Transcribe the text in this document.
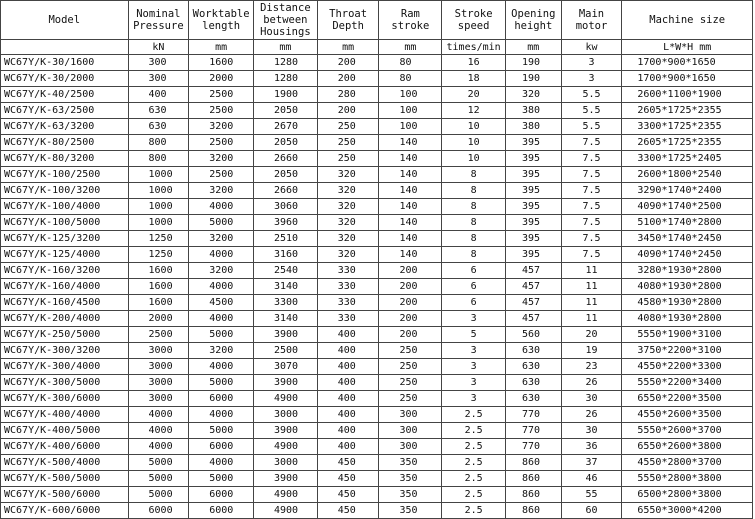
Model	Nominal Pressure	Worktable length	Distance between Housings	Throat Depth	Ram stroke	Stroke speed	Opening height	Main motor	Machine size
	kN	mm	mm	mm	mm	times/min	mm	kw	L*W*H mm
WC67Y/K-30/1600	300	1600	1280	200	80	16	190	3	1700*900*1650
WC67Y/K-30/2000	300	2000	1280	200	80	18	190	3	1700*900*1650
WC67Y/K-40/2500	400	2500	1900	280	100	20	320	5.5	2600*1100*1900
WC67Y/K-63/2500	630	2500	2050	200	100	12	380	5.5	2605*1725*2355
WC67Y/K-63/3200	630	3200	2670	250	100	10	380	5.5	3300*1725*2355
WC67Y/K-80/2500	800	2500	2050	250	140	10	395	7.5	2605*1725*2355
WC67Y/K-80/3200	800	3200	2660	250	140	10	395	7.5	3300*1725*2405
WC67Y/K-100/2500	1000	2500	2050	320	140	8	395	7.5	2600*1800*2540
WC67Y/K-100/3200	1000	3200	2660	320	140	8	395	7.5	3290*1740*2400
WC67Y/K-100/4000	1000	4000	3060	320	140	8	395	7.5	4090*1740*2500
WC67Y/K-100/5000	1000	5000	3960	320	140	8	395	7.5	5100*1740*2800
WC67Y/K-125/3200	1250	3200	2510	320	140	8	395	7.5	3450*1740*2450
WC67Y/K-125/4000	1250	4000	3160	320	140	8	395	7.5	4090*1740*2450
WC67Y/K-160/3200	1600	3200	2540	330	200	6	457	11	3280*1930*2800
WC67Y/K-160/4000	1600	4000	3140	330	200	6	457	11	4080*1930*2800
WC67Y/K-160/4500	1600	4500	3300	330	200	6	457	11	4580*1930*2800
WC67Y/K-200/4000	2000	4000	3140	330	200	3	457	11	4080*1930*2800
WC67Y/K-250/5000	2500	5000	3900	400	200	5	560	20	5550*1900*3100
WC67Y/K-300/3200	3000	3200	2500	400	250	3	630	19	3750*2200*3100
WC67Y/K-300/4000	3000	4000	3070	400	250	3	630	23	4550*2200*3300
WC67Y/K-300/5000	3000	5000	3900	400	250	3	630	26	5550*2200*3400
WC67Y/K-300/6000	3000	6000	4900	400	250	3	630	30	6550*2200*3500
WC67Y/K-400/4000	4000	4000	3000	400	300	2.5	770	26	4550*2600*3500
WC67Y/K-400/5000	4000	5000	3900	400	300	2.5	770	30	5550*2600*3700
WC67Y/K-400/6000	4000	6000	4900	400	300	2.5	770	36	6550*2600*3800
WC67Y/K-500/4000	5000	4000	3000	450	350	2.5	860	37	4550*2800*3700
WC67Y/K-500/5000	5000	5000	3900	450	350	2.5	860	46	5550*2800*3800
WC67Y/K-500/6000	5000	6000	4900	450	350	2.5	860	55	6500*2800*3800
WC67Y/K-600/6000	6000	6000	4900	450	350	2.5	860	60	6550*3000*4200
